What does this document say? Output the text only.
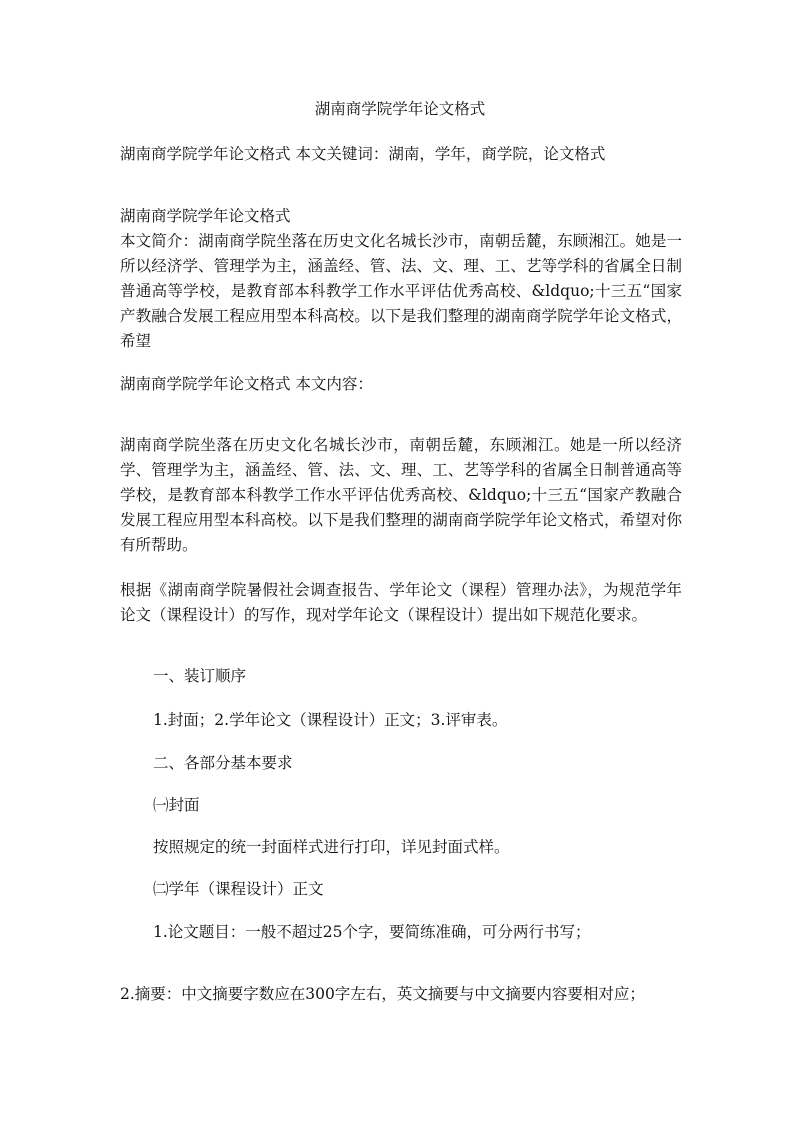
湖南商学院学年论文格式

湖南商学院学年论文格式 本文关键词：湖南，学年，商学院，论文格式

湖南商学院学年论文格式

本文简介：湖南商学院坐落在历史文化名城长沙市，南朝岳麓，东顾湘江。她是一所以经济学、管理学为主，涵盖经、管、法、文、理、工、艺等学科的省属全日制普通高等学校，是教育部本科教学工作水平评估优秀高校、&ldquo;十三五“国家产教融合发展工程应用型本科高校。以下是我们整理的湖南商学院学年论文格式，希望

湖南商学院学年论文格式 本文内容：

湖南商学院坐落在历史文化名城长沙市，南朝岳麓，东顾湘江。她是一所以经济学、管理学为主，涵盖经、管、法、文、理、工、艺等学科的省属全日制普通高等学校，是教育部本科教学工作水平评估优秀高校、&ldquo;十三五“国家产教融合发展工程应用型本科高校。以下是我们整理的湖南商学院学年论文格式，希望对你有所帮助。

根据《湖南商学院暑假社会调查报告、学年论文（课程）管理办法》，为规范学年论文（课程设计）的写作，现对学年论文（课程设计）提出如下规范化要求。

一、装订顺序

1.封面；2.学年论文（课程设计）正文；3.评审表。

二、各部分基本要求

㈠封面

按照规定的统一封面样式进行打印，详见封面式样。

㈡学年（课程设计）正文

1.论文题目：一般不超过25个字，要简练准确，可分两行书写；

2.摘要：中文摘要字数应在300字左右，英文摘要与中文摘要内容要相对应；
